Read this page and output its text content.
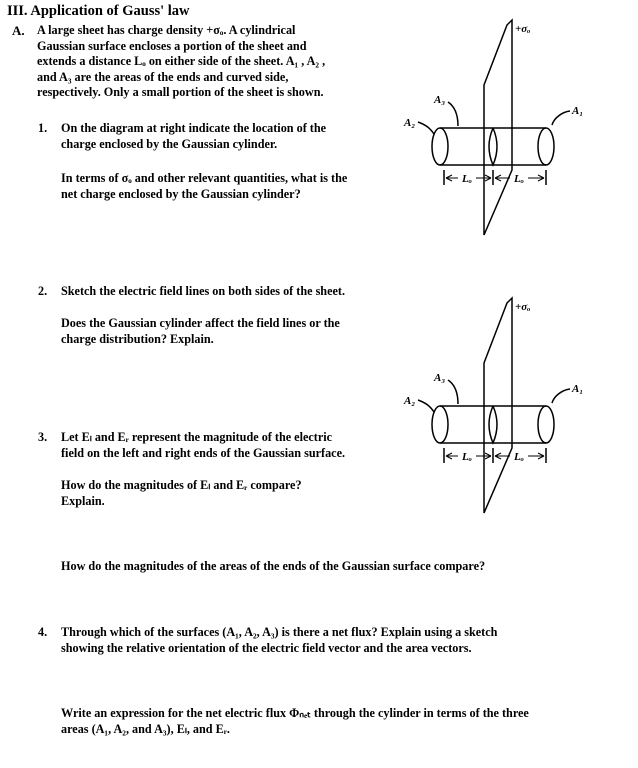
III. Application of Gauss' law
A. A large sheet has charge density +σₒ. A cylindrical
Gaussian surface encloses a portion of the sheet and
extends a distance Lₒ on either side of the sheet. A₁ , A₂ ,
and A₃ are the areas of the ends and curved side,
respectively. Only a small portion of the sheet is shown.
1. On the diagram at right indicate the location of the
charge enclosed by the Gaussian cylinder.
In terms of σₒ and other relevant quantities, what is the
net charge enclosed by the Gaussian cylinder?
2. Sketch the electric field lines on both sides of the sheet.
Does the Gaussian cylinder affect the field lines or the
charge distribution? Explain.
3. Let Eₗ and Eᵣ represent the magnitude of the electric
field on the left and right ends of the Gaussian surface.
How do the magnitudes of Eₗ and Eᵣ compare?
Explain.
How do the magnitudes of the areas of the ends of the Gaussian surface compare?
4. Through which of the surfaces (A₁, A₂, A₃) is there a net flux? Explain using a sketch
showing the relative orientation of the electric field vector and the area vectors.
Write an expression for the net electric flux Φₙₑₜ through the cylinder in terms of the three
areas (A₁, A₂, and A₃), Eₗ, and Eᵣ.
+σₒ
A₁
A₂
A₃
Lₒ	Lₒ
+σₒ
A₁
A₂
A₃
Lₒ	Lₒ
